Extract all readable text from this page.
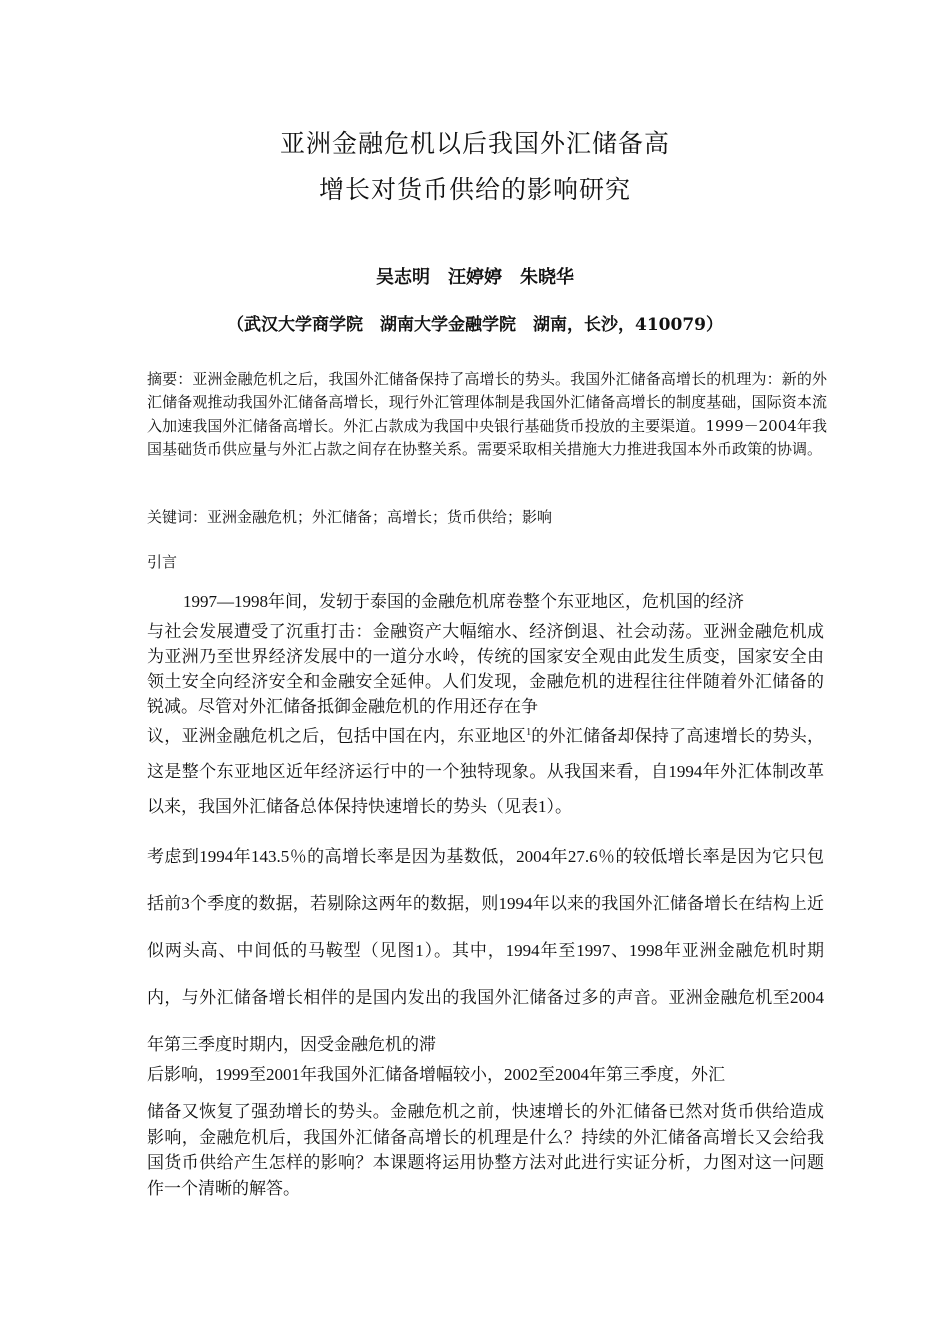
亚洲金融危机以后我国外汇储备高
增长对货币供给的影响研究
吴志明　汪婷婷　朱晓华
（武汉大学商学院　湖南大学金融学院　湖南，长沙，410079）
摘要：亚洲金融危机之后，我国外汇储备保持了高增长的势头。我国外汇储备高增长的机理为：新的外汇储备观推动我国外汇储备高增长，现行外汇管理体制是我国外汇储备高增长的制度基础，国际资本流入加速我国外汇储备高增长。外汇占款成为我国中央银行基础货币投放的主要渠道。1999－2004年我国基础货币供应量与外汇占款之间存在协整关系。需要采取相关措施大力推进我国本外币政策的协调。
关键词：亚洲金融危机；外汇储备；高增长；货币供给；影响
引言
1997—1998年间，发轫于泰国的金融危机席卷整个东亚地区，危机国的经济
与社会发展遭受了沉重打击：金融资产大幅缩水、经济倒退、社会动荡。亚洲金融危机成为亚洲乃至世界经济发展中的一道分水岭，传统的国家安全观由此发生质变，国家安全由领土安全向经济安全和金融安全延伸。人们发现，金融危机的进程往往伴随着外汇储备的锐减。尽管对外汇储备抵御金融危机的作用还存在争
议，亚洲金融危机之后，包括中国在内，东亚地区$^1$的外汇储备却保持了高速增长的势头，这是整个东亚地区近年经济运行中的一个独特现象。从我国来看，自1994年外汇体制改革以来，我国外汇储备总体保持快速增长的势头（见表1）。
考虑到1994年143.5％的高增长率是因为基数低，2004年27.6％的较低增长率是因为它只包括前3个季度的数据，若剔除这两年的数据，则1994年以来的我国外汇储备增长在结构上近似两头高、中间低的马鞍型（见图1）。其中，1994年至1997、1998年亚洲金融危机时期内，与外汇储备增长相伴的是国内发出的我国外汇储备过多的声音。亚洲金融危机至2004年第三季度时期内，因受金融危机的滞
后影响，1999至2001年我国外汇储备增幅较小，2002至2004年第三季度，外汇
储备又恢复了强劲增长的势头。金融危机之前，快速增长的外汇储备已然对货币供给造成影响，金融危机后，我国外汇储备高增长的机理是什么？持续的外汇储备高增长又会给我国货币供给产生怎样的影响？本课题将运用协整方法对此进行实证分析，力图对这一问题作一个清晰的解答。
